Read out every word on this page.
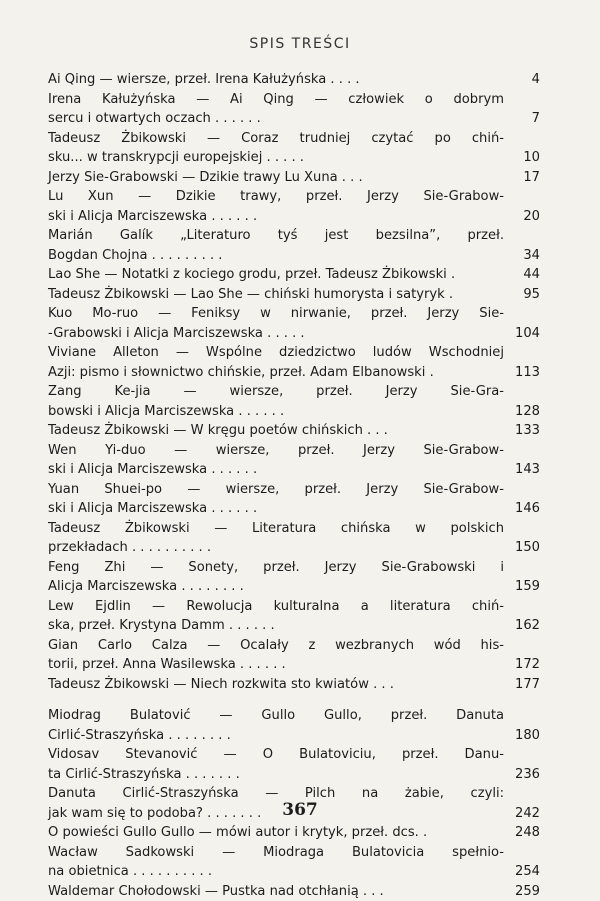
SPIS TREŚCI
Ai Qing — wiersze, przeł. Irena Kałużyńska . . . .	4
Irena Kałużyńska — Ai Qing — człowiek o dobrym
sercu i otwartych oczach . . . . . .	7
Tadeusz Żbikowski — Coraz trudniej czytać po chiń-
sku... w transkrypcji europejskiej . . . . .	10
Jerzy Sie-Grabowski — Dzikie trawy Lu Xuna . . .	17
Lu Xun — Dzikie trawy, przeł. Jerzy Sie-Grabow-
ski i Alicja Marciszewska . . . . . .	20
Marián Galík „Literaturo tyś jest bezsilna”, przeł.
Bogdan Chojna . . . . . . . . .	34
Lao She — Notatki z kociego grodu, przeł. Tadeusz Żbikowski .	44
Tadeusz Żbikowski — Lao She — chiński humorysta i satyryk .	95
Kuo Mo-ruo — Feniksy w nirwanie, przeł. Jerzy Sie-
-Grabowski i Alicja Marciszewska . . . . .	104
Viviane Alleton — Wspólne dziedzictwo ludów Wschodniej
Azji: pismo i słownictwo chińskie, przeł. Adam Elbanowski .	113
Zang Ke-jia — wiersze, przeł. Jerzy Sie-Gra-
bowski i Alicja Marciszewska . . . . . .	128
Tadeusz Żbikowski — W kręgu poetów chińskich . . .	133
Wen Yi-duo — wiersze, przeł. Jerzy Sie-Grabow-
ski i Alicja Marciszewska . . . . . .	143
Yuan Shuei-po — wiersze, przeł. Jerzy Sie-Grabow-
ski i Alicja Marciszewska . . . . . .	146
Tadeusz Żbikowski — Literatura chińska w polskich
przekładach . . . . . . . . . .	150
Feng Zhi — Sonety, przeł. Jerzy Sie-Grabowski i
Alicja Marciszewska . . . . . . . .	159
Lew Ejdlin — Rewolucja kulturalna a literatura chiń-
ska, przeł. Krystyna Damm . . . . . .	162
Gian Carlo Calza — Ocalały z wezbranych wód his-
torii, przeł. Anna Wasilewska . . . . . .	172
Tadeusz Żbikowski — Niech rozkwita sto kwiatów . . .	177
Miodrag Bulatović — Gullo Gullo, przeł. Danuta
Cirlić-Straszyńska . . . . . . . .	180
Vidosav Stevanović — O Bulatoviciu, przeł. Danu-
ta Cirlić-Straszyńska . . . . . . .	236
Danuta Cirlić-Straszyńska — Pilch na żabie, czyli:
jak wam się to podoba? . . . . . . .	242
O powieści Gullo Gullo — mówi autor i krytyk, przeł. dcs. .	248
Wacław Sadkowski — Miodraga Bulatovicia spełnio-
na obietnica . . . . . . . . . .	254
Waldemar Chołodowski — Pustka nad otchłanią . . .	259
367
